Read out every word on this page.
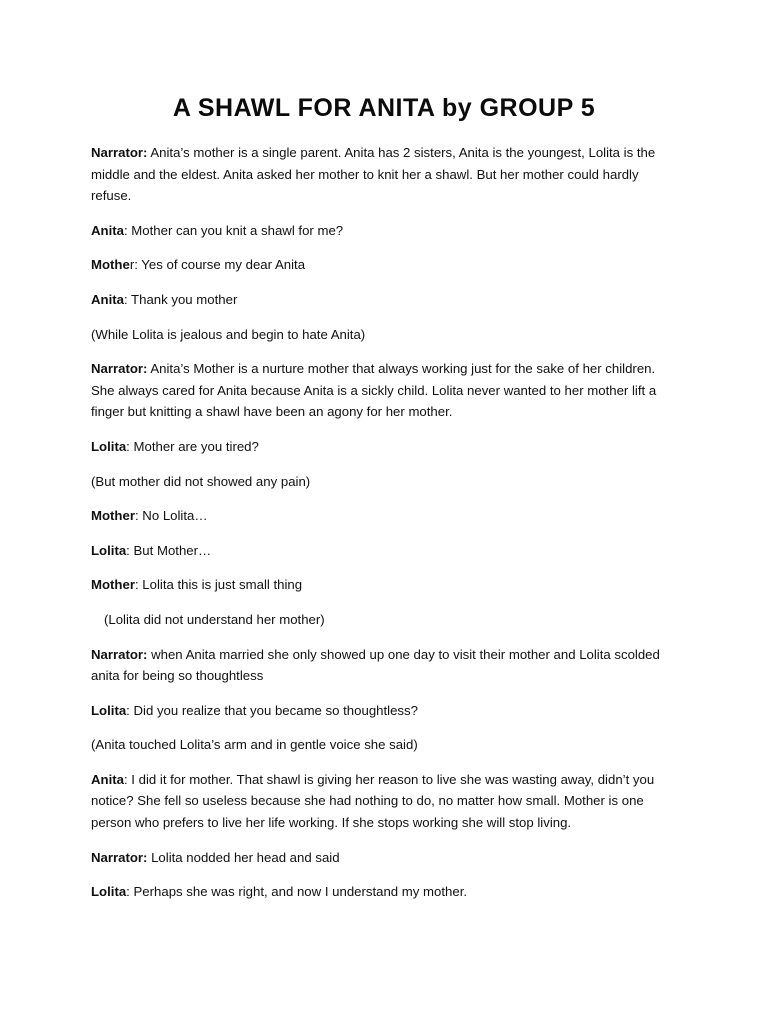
A SHAWL FOR ANITA by GROUP 5

Narrator: Anita’s mother is a single parent. Anita has 2 sisters, Anita is the youngest, Lolita is the middle and the eldest. Anita asked her mother to knit her a shawl. But her mother could hardly refuse.

Anita: Mother can you knit a shawl for me?

Mother: Yes of course my dear Anita

Anita: Thank you mother

(While Lolita is jealous and begin to hate Anita)

Narrator: Anita’s Mother is a nurture mother that always working just for the sake of her children. She always cared for Anita because Anita is a sickly child. Lolita never wanted to her mother lift a finger but knitting a shawl have been an agony for her mother.

Lolita: Mother are you tired?

(But mother did not showed any pain)

Mother: No Lolita…

Lolita: But Mother…

Mother: Lolita this is just small thing

(Lolita did not understand her mother)

Narrator: when Anita married she only showed up one day to visit their mother and Lolita scolded anita for being so thoughtless

Lolita: Did you realize that you became so thoughtless?

(Anita touched Lolita’s arm and in gentle voice she said)

Anita: I did it for mother. That shawl is giving her reason to live she was wasting away, didn’t you notice? She fell so useless because she had nothing to do, no matter how small. Mother is one person who prefers to live her life working. If she stops working she will stop living.

Narrator: Lolita nodded her head and said

Lolita: Perhaps she was right, and now I understand my mother.
